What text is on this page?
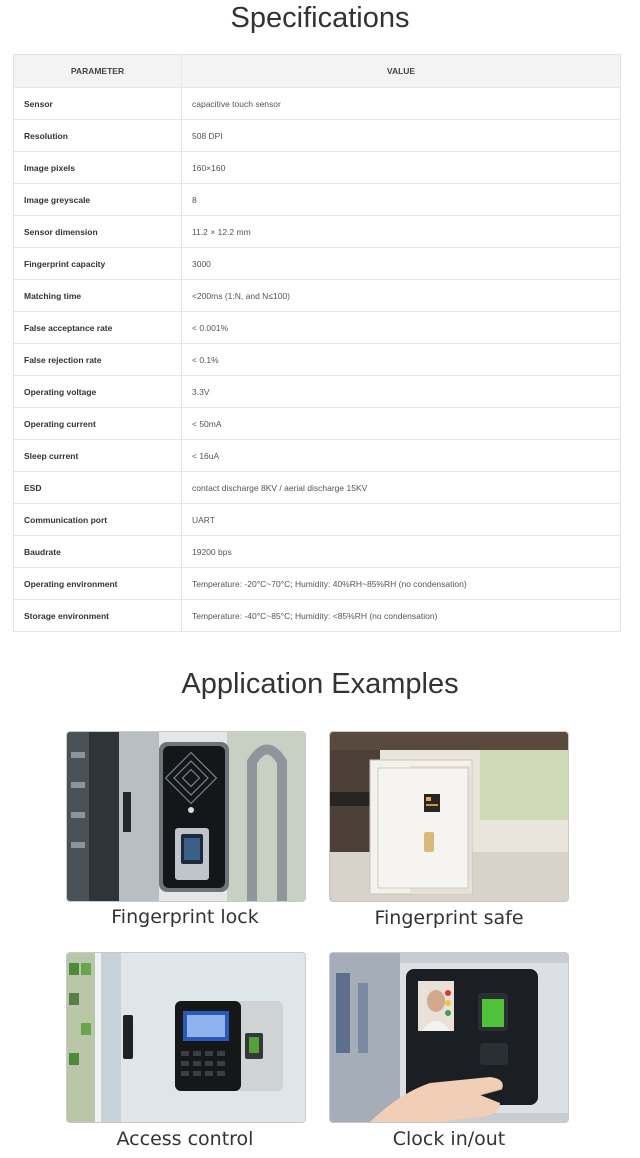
Specifications
PARAMETER	VALUE
Sensor	capacitive touch sensor
Resolution	508 DPI
Image pixels	160×160
Image greyscale	8
Sensor dimension	11.2 × 12.2 mm
Fingerprint capacity	3000
Matching time	<200ms (1:N, and N≤100)
False acceptance rate	< 0.001%
False rejection rate	< 0.1%
Operating voltage	3.3V
Operating current	< 50mA
Sleep current	< 16uA
ESD	contact discharge 8KV / aerial discharge 15KV
Communication port	UART
Baudrate	19200 bps
Operating environment	Temperature: -20°C~70°C; Humidity: 40%RH~85%RH (no condensation)
Storage environment	Temperature: -40°C~85°C; Humidity: <85%RH (no condensation)
Application Examples
Fingerprint lock	Fingerprint safe
Access control	Clock in/out
